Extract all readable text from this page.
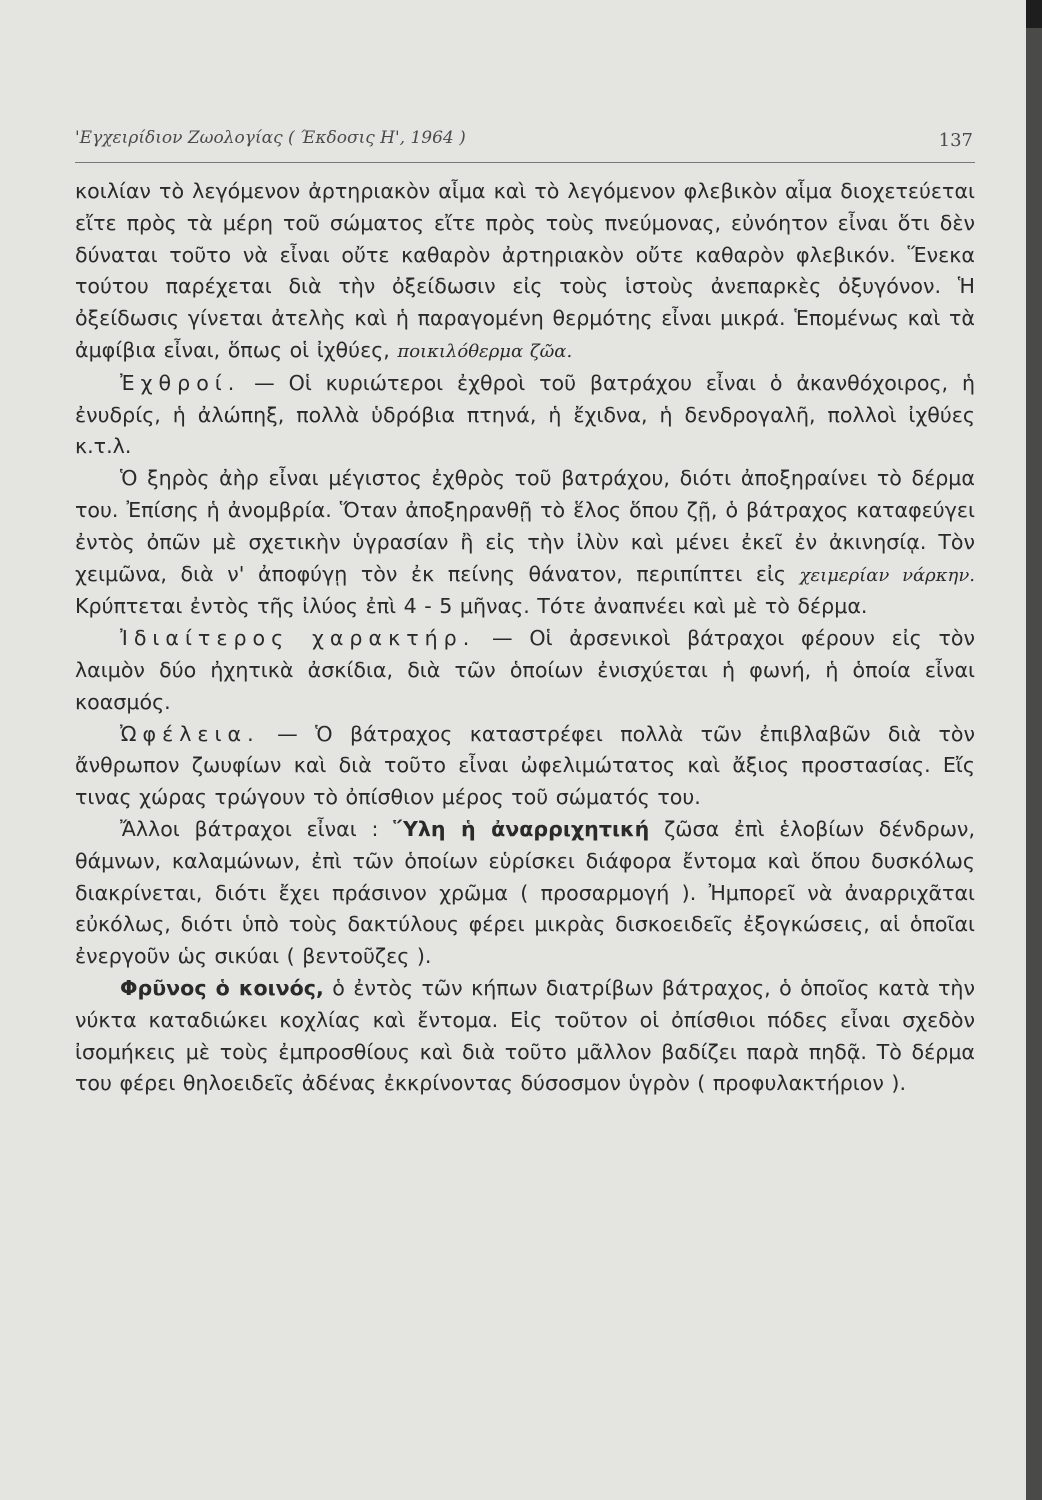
'Εγχειρίδιον Ζωολογίας ( Έκδοσις Η', 1964 )	137

κοιλίαν τὸ λεγόμενον ἀρτηριακὸν αἷμα καὶ τὸ λεγόμενον φλεβικὸν αἷμα διοχετεύεται εἴτε πρὸς τὰ μέρη τοῦ σώματος εἴτε πρὸς τοὺς πνεύμονας, εὐνόητον εἶναι ὅτι δὲν δύναται τοῦτο νὰ εἶναι οὔτε καθαρὸν ἀρτηριακὸν οὔτε καθαρὸν φλεβικόν. Ἕνεκα τούτου παρέχεται διὰ τὴν ὀξείδωσιν εἰς τοὺς ἱστοὺς ἀνεπαρκὲς ὀξυγόνον. Ἡ ὀξείδωσις γίνεται ἀτελὴς καὶ ἡ παραγομένη θερμότης εἶναι μικρά. Ἑπομένως καὶ τὰ ἀμφίβια εἶναι, ὅπως οἱ ἰχθύες, ποικιλόθερμα ζῶα.

Ἐχθροί. — Οἱ κυριώτεροι ἐχθροὶ τοῦ βατράχου εἶναι ὁ ἀκανθόχοιρος, ἡ ἐνυδρίς, ἡ ἀλώπηξ, πολλὰ ὑδρόβια πτηνά, ἡ ἔχιδνα, ἡ δενδρογαλῆ, πολλοὶ ἰχθύες κ.τ.λ.

Ὁ ξηρὸς ἀὴρ εἶναι μέγιστος ἐχθρὸς τοῦ βατράχου, διότι ἀποξηραίνει τὸ δέρμα του. Ἐπίσης ἡ ἀνομβρία. Ὅταν ἀποξηρανθῇ τὸ ἕλος ὅπου ζῇ, ὁ βάτραχος καταφεύγει ἐντὸς ὀπῶν μὲ σχετικὴν ὑγρασίαν ἢ εἰς τὴν ἰλὺν καὶ μένει ἐκεῖ ἐν ἀκινησίᾳ. Τὸν χειμῶνα, διὰ ν' ἀποφύγῃ τὸν ἐκ πείνης θάνατον, περιπίπτει εἰς χειμερίαν νάρκην. Κρύπτεται ἐντὸς τῆς ἰλύος ἐπὶ 4 - 5 μῆνας. Τότε ἀναπνέει καὶ μὲ τὸ δέρμα.

Ἰδιαίτερος χαρακτήρ. — Οἱ ἀρσενικοὶ βάτραχοι φέρουν εἰς τὸν λαιμὸν δύο ἠχητικὰ ἀσκίδια, διὰ τῶν ὁποίων ἐνισχύεται ἡ φωνή, ἡ ὁποία εἶναι κοασμός.

Ὠφέλεια. — Ὁ βάτραχος καταστρέφει πολλὰ τῶν ἐπιβλαβῶν διὰ τὸν ἄνθρωπον ζωυφίων καὶ διὰ τοῦτο εἶναι ὠφελιμώτατος καὶ ἄξιος προστασίας. Εἴς τινας χώρας τρώγουν τὸ ὀπίσθιον μέρος τοῦ σώματός του.

Ἄλλοι βάτραχοι εἶναι : Ὕλη ἡ ἀναρριχητική ζῶσα ἐπὶ ἑλοβίων δένδρων, θάμνων, καλαμώνων, ἐπὶ τῶν ὁποίων εὑρίσκει διάφορα ἔντομα καὶ ὅπου δυσκόλως διακρίνεται, διότι ἔχει πράσινον χρῶμα ( προσαρμογή ). Ἠμπορεῖ νὰ ἀναρριχᾶται εὐκόλως, διότι ὑπὸ τοὺς δακτύλους φέρει μικρὰς δισκοειδεῖς ἐξογκώσεις, αἱ ὁποῖαι ἐνεργοῦν ὡς σικύαι ( βεντοῦζες ).

Φρῦνος ὁ κοινός, ὁ ἐντὸς τῶν κήπων διατρίβων βάτραχος, ὁ ὁποῖος κατὰ τὴν νύκτα καταδιώκει κοχλίας καὶ ἔντομα. Εἰς τοῦτον οἱ ὀπίσθιοι πόδες εἶναι σχεδὸν ἰσομήκεις μὲ τοὺς ἐμπροσθίους καὶ διὰ τοῦτο μᾶλλον βαδίζει παρὰ πηδᾷ. Τὸ δέρμα του φέρει θηλοειδεῖς ἀδένας ἐκκρίνοντας δύσοσμον ὑγρὸν ( προφυλακτήριον ).
